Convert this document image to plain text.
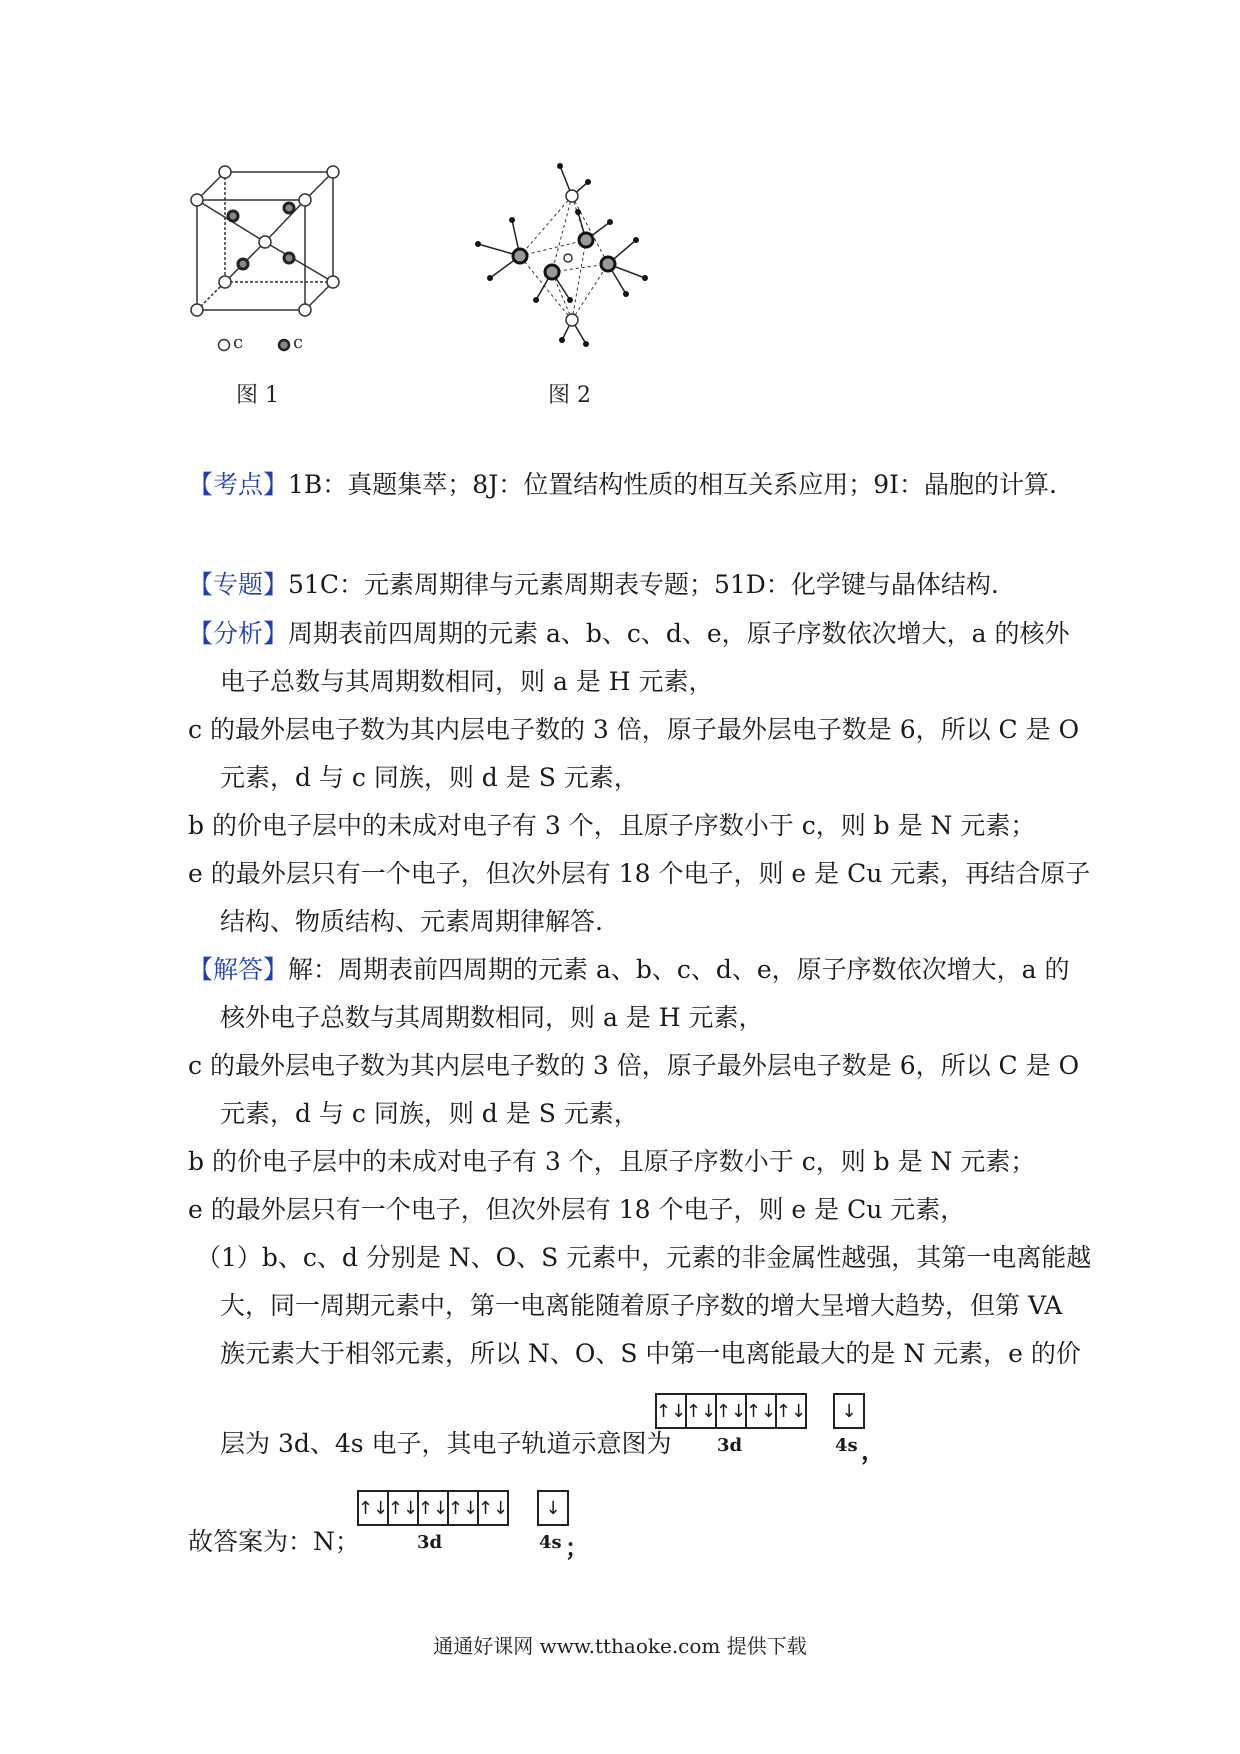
c	c
图 1	图 2
【考点】1B：真题集萃；8J：位置结构性质的相互关系应用；9I：晶胞的计算.
【专题】51C：元素周期律与元素周期表专题；51D：化学键与晶体结构.
【分析】周期表前四周期的元素 a、b、c、d、e，原子序数依次增大，a 的核外
电子总数与其周期数相同，则 a 是 H 元素，
c 的最外层电子数为其内层电子数的 3 倍，原子最外层电子数是 6，所以 C 是 O
元素，d 与 c 同族，则 d 是 S 元素，
b 的价电子层中的未成对电子有 3 个，且原子序数小于 c，则 b 是 N 元素；
e 的最外层只有一个电子，但次外层有 18 个电子，则 e 是 Cu 元素，再结合原子
结构、物质结构、元素周期律解答.
【解答】解：周期表前四周期的元素 a、b、c、d、e，原子序数依次增大，a 的
核外电子总数与其周期数相同，则 a 是 H 元素，
c 的最外层电子数为其内层电子数的 3 倍，原子最外层电子数是 6，所以 C 是 O
元素，d 与 c 同族，则 d 是 S 元素，
b 的价电子层中的未成对电子有 3 个，且原子序数小于 c，则 b 是 N 元素；
e 的最外层只有一个电子，但次外层有 18 个电子，则 e 是 Cu 元素，
（1）b、c、d 分别是 N、O、S 元素中，元素的非金属性越强，其第一电离能越
大，同一周期元素中，第一电离能随着原子序数的增大呈增大趋势，但第 VA
族元素大于相邻元素，所以 N、O、S 中第一电离能最大的是 N 元素，e 的价
层为 3d、4s 电子，其电子轨道示意图为
↑↓ ↑↓ ↑↓ ↑↓ ↑↓	↓
3d	4s ，
故答案为：N；
↑↓ ↑↓ ↑↓ ↑↓ ↑↓	↓
3d	4s ；
通通好课网 www.tthaoke.com 提供下载
